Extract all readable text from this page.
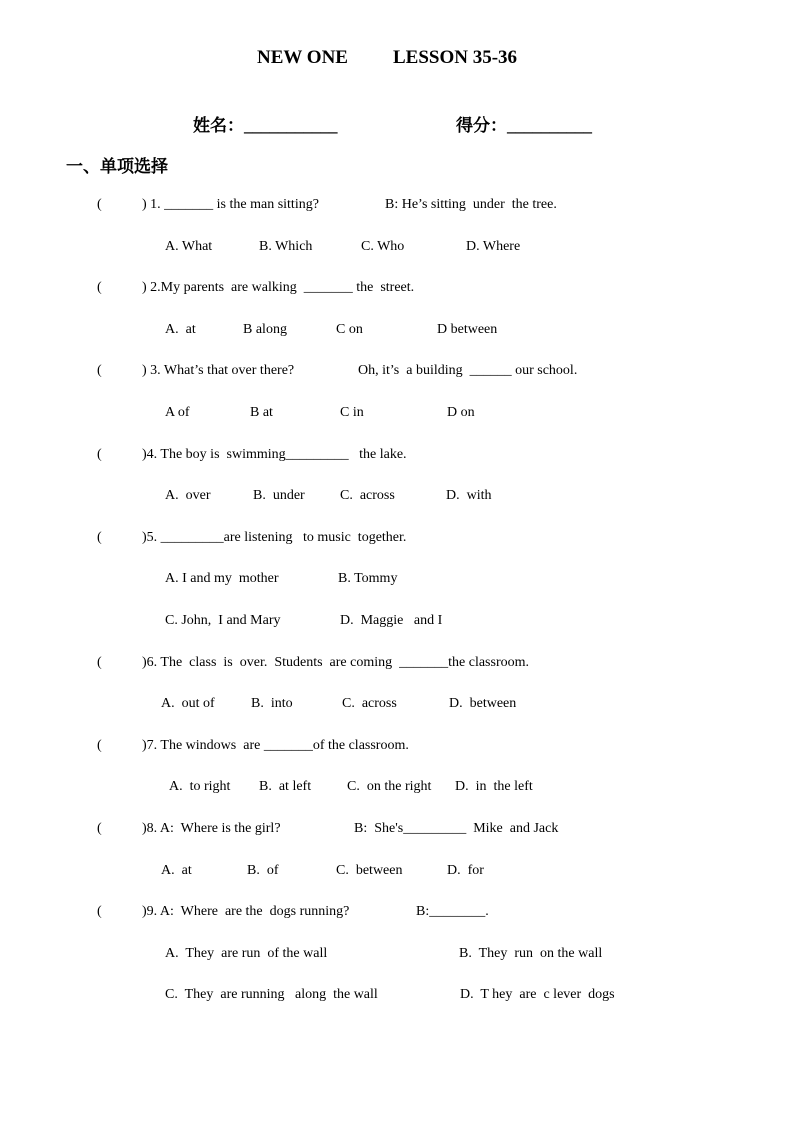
NEW ONE LESSON 35-36
姓名：___________	得分：__________
一、单项选择
(	) 1. _______ is the man sitting?	B: He’s sitting  under  the tree.
A. What	B. Which	C. Who	D. Where
(	) 2.My parents  are walking  _______ the  street.
A.  at	B along	C on	D between
(	) 3. What’s that over there?	Oh, it’s  a building  ______ our school.
A of	B at	C in	D on
(	)4. The boy is  swimming_________   the lake.
A.  over	B.  under	C.  across	D.  with
(	)5. _________are listening   to music  together.
A. I and my  mother	B. Tommy
C. John,  I and Mary	D.  Maggie   and I
(	)6. The  class  is  over.  Students  are coming  _______the classroom.
A.  out of	B.  into	C.  across	D.  between
(	)7. The windows  are _______of the classroom.
A.  to right B.  at left	C.  on the right D.  in  the left
(	)8. A:  Where is the girl?	B:  She's_________  Mike  and Jack
A.  at	B.  of	C.  between	D.  for
(	)9. A:  Where  are the  dogs running?	B:________.
A.  They  are run  of the wall	B.  They  run  on the wall
C.  They  are running   along  the wall	D.  T hey  are  c lever  dogs
